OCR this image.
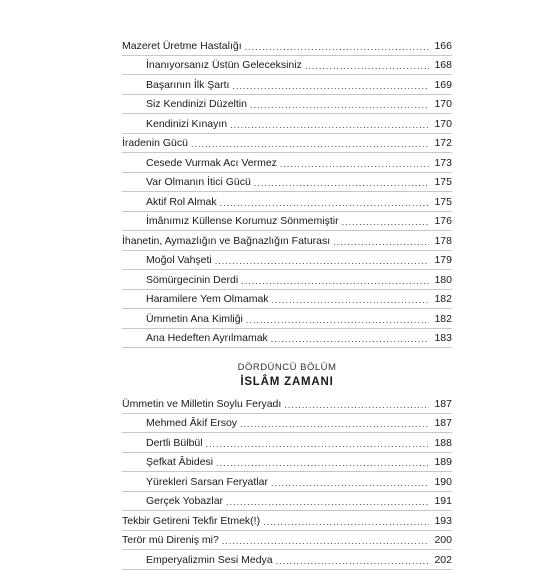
Mazeret Üretme Hastalığı .....	166
İnanıyorsanız Üstün Geleceksiniz .....	168
Başarının İlk Şartı .....	169
Siz Kendinizi Düzeltin .....	170
Kendinizi Kınayın .....	170
İradenin Gücü .....	172
Cesede Vurmak Acı Vermez .....	173
Var Olmanın İtici Gücü .....	175
Aktif Rol Almak .....	175
İmânımız Küllense Korumuz Sönmemiştir .....	176
İhanetin, Aymazlığın ve Bağnazlığın Faturası .....	178
Moğol Vahşeti .....	179
Sömürgecinin Derdi .....	180
Haramilere Yem Olmamak .....	182
Ümmetin Ana Kimliği .....	182
Ana Hedeften Ayrılmamak .....	183
DÖRDÜNCÜ BÖLÜM
İSLÂM ZAMANI
Ümmetin ve Milletin Soylu Feryadı .....	187
Mehmed Âkif Ersoy .....	187
Dertli Bülbül .....	188
Şefkat Âbidesi .....	189
Yürekleri Sarsan Feryatlar .....	190
Gerçek Yobazlar .....	191
Tekbir Getireni Tekfir Etmek(!) .....	193
Terör mü Direniş mi? .....	200
Emperyalizmin Sesi Medya .....	202
